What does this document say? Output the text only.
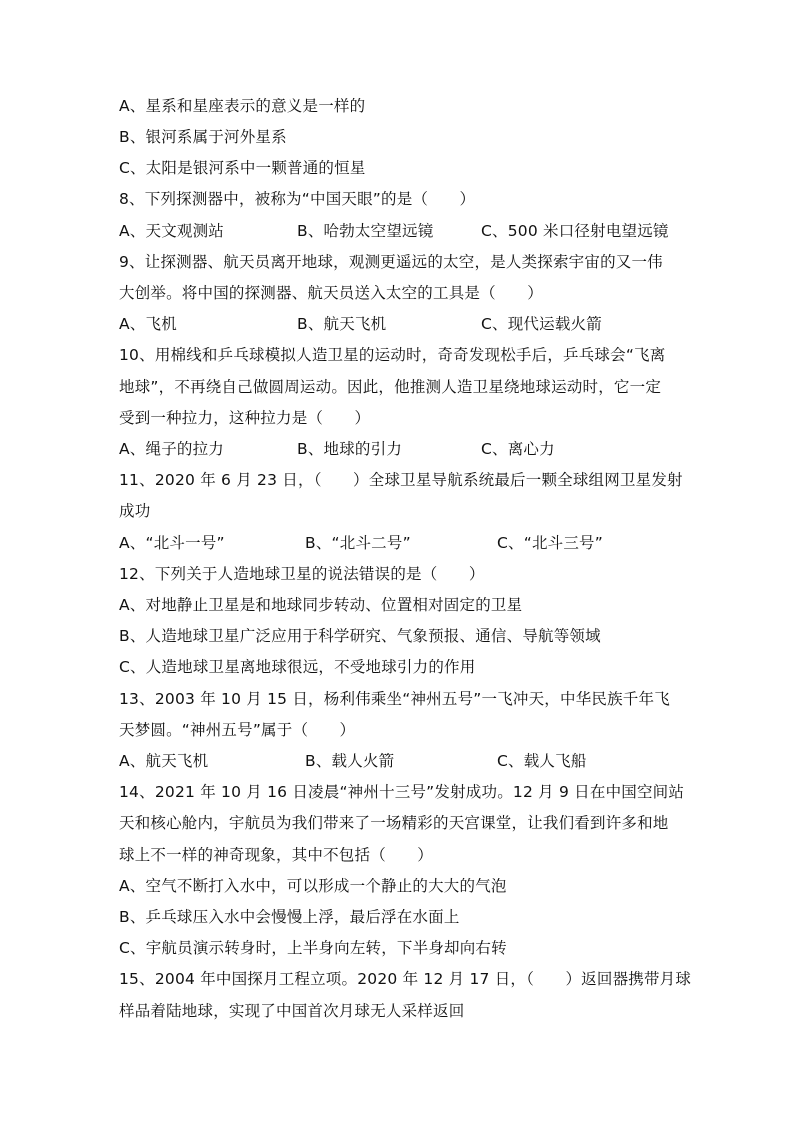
A、星系和星座表示的意义是一样的
B、银河系属于河外星系
C、太阳是银河系中一颗普通的恒星
8、下列探测器中，被称为“中国天眼”的是（　　）
A、天文观测站	B、哈勃太空望远镜	C、500 米口径射电望远镜
9、让探测器、航天员离开地球，观测更遥远的太空，是人类探索宇宙的又一伟
大创举。将中国的探测器、航天员送入太空的工具是（　　）
A、飞机	B、航天飞机	C、现代运载火箭
10、用棉线和乒乓球模拟人造卫星的运动时，奇奇发现松手后，乒乓球会“飞离
地球”，不再绕自己做圆周运动。因此，他推测人造卫星绕地球运动时，它一定
受到一种拉力，这种拉力是（　　）
A、绳子的拉力	B、地球的引力	C、离心力
11、2020 年 6 月 23 日，（　　）全球卫星导航系统最后一颗全球组网卫星发射
成功
A、“北斗一号”	B、“北斗二号”	C、“北斗三号”
12、下列关于人造地球卫星的说法错误的是（　　）
A、对地静止卫星是和地球同步转动、位置相对固定的卫星
B、人造地球卫星广泛应用于科学研究、气象预报、通信、导航等领域
C、人造地球卫星离地球很远，不受地球引力的作用
13、2003 年 10 月 15 日，杨利伟乘坐“神州五号”一飞冲天，中华民族千年飞
天梦圆。“神州五号”属于（　　）
A、航天飞机	B、载人火箭	C、载人飞船
14、2021 年 10 月 16 日凌晨“神州十三号”发射成功。12 月 9 日在中国空间站
天和核心舱内，宇航员为我们带来了一场精彩的天宫课堂，让我们看到许多和地
球上不一样的神奇现象，其中不包括（　　）
A、空气不断打入水中，可以形成一个静止的大大的气泡
B、乒乓球压入水中会慢慢上浮，最后浮在水面上
C、宇航员演示转身时，上半身向左转，下半身却向右转
15、2004 年中国探月工程立项。2020 年 12 月 17 日，（　　）返回器携带月球
样品着陆地球，实现了中国首次月球无人采样返回
